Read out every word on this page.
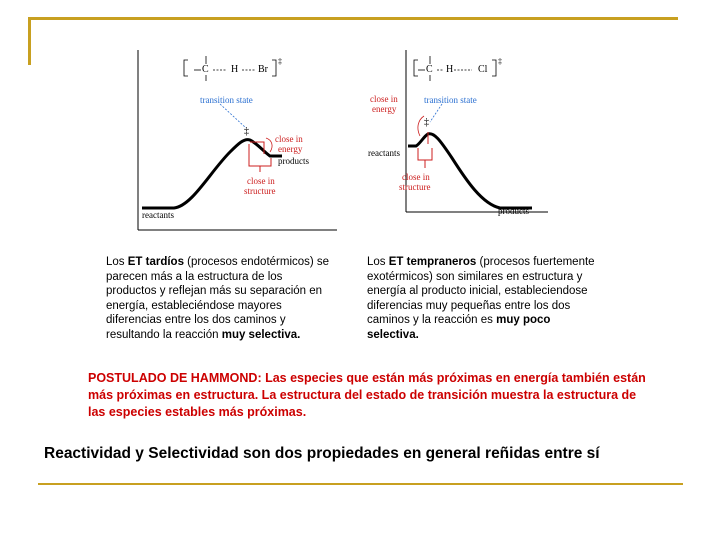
C H Br
‡
transition state
‡
close in
energy
products
close in
structure
reactants
C H Cl
‡
transition state
close in
energy
‡
reactants
close in
structure
products
Los ET tardíos (procesos endotérmicos) se parecen más a la estructura de los productos y reflejan más su separación en energía, estableciéndose mayores diferencias entre los dos caminos y resultando la reacción muy selectiva.
Los ET tempraneros (procesos fuertemente exotérmicos) son similares en estructura y energía al producto inicial, estableciendose diferencias muy pequeñas entre los dos caminos y la reacción es muy poco selectiva.
POSTULADO DE HAMMOND: Las especies que están más próximas en energía también están más próximas en estructura. La estructura del estado de transición muestra la estructura de las especies estables más próximas.
Reactividad y Selectividad son dos propiedades en general reñidas entre sí
